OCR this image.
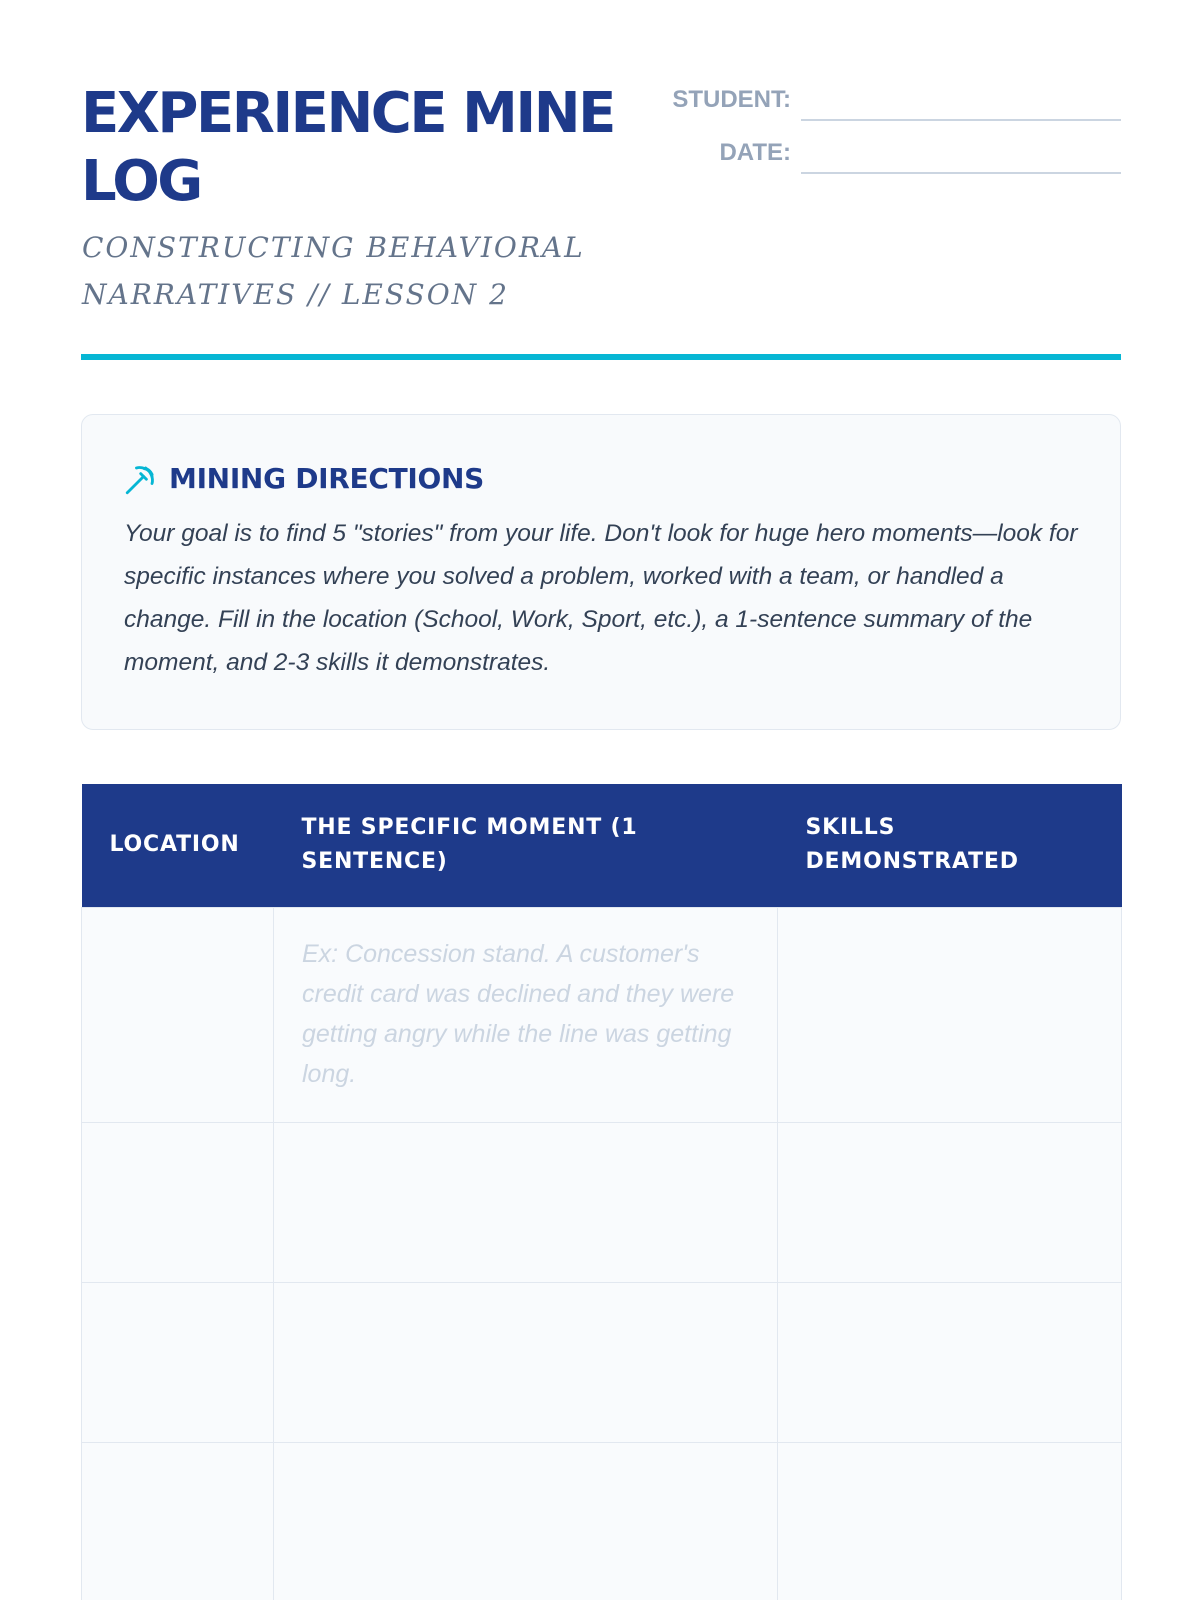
EXPERIENCE MINE LOG
CONSTRUCTING BEHAVIORAL NARRATIVES // LESSON 2
STUDENT:
DATE:
MINING DIRECTIONS

Your goal is to find 5 "stories" from your life. Don't look for huge hero moments—look for specific instances where you solved a problem, worked with a team, or handled a change. Fill in the location (School, Work, Sport, etc.), a 1-sentence summary of the moment, and 2-3 skills it demonstrates.

LOCATION	THE SPECIFIC MOMENT (1 SENTENCE)	SKILLS DEMONSTRATED

	Ex: Concession stand. A customer's credit card was declined and they were getting angry while the line was getting long.	
